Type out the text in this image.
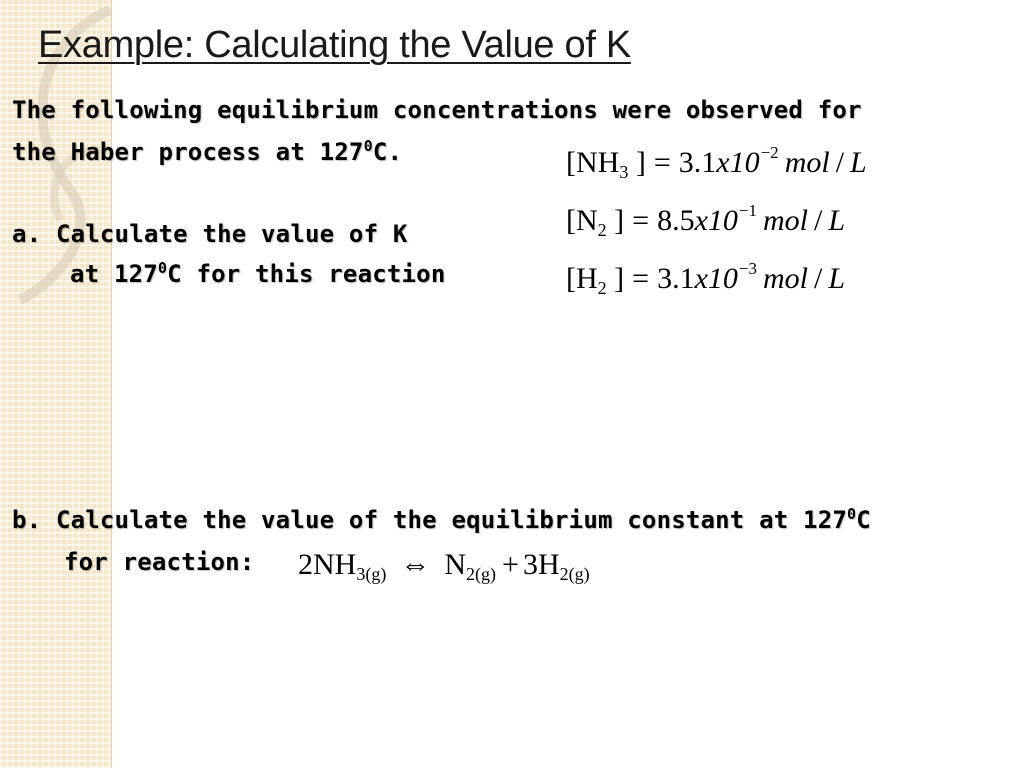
Example: Calculating the Value of K
The following equilibrium concentrations were observed for
the Haber process at $127^0C$.
a. Calculate the value of K
at $127^0C$ for this reaction
[$NH_3$ ] = $3.1x10^{-2}$ mol / L
[$N_2$ ] = $8.5x10^{-1}$ mol / L
[$H_2$ ] = $3.1x10^{-3}$ mol / L
b. Calculate the value of the equilibrium constant at $127^0C$
for reaction: $2NH_{3(g)}$ ⇔ $N_{2(g)} + 3H_{2(g)}$
